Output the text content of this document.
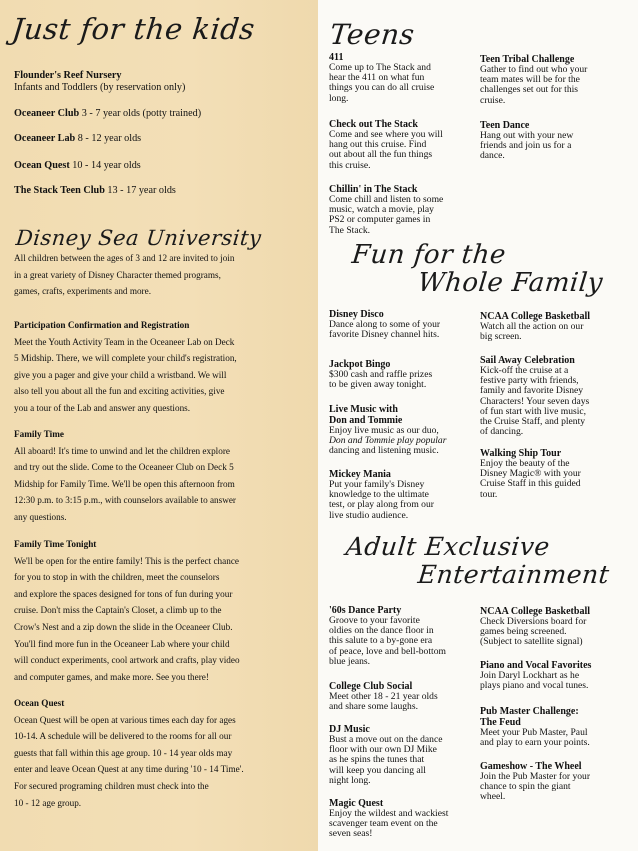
Just for the kids
Flounder's Reef Nursery
Infants and Toddlers (by reservation only)
Oceaneer Club 3 - 7 year olds (potty trained)
Oceaneer Lab 8 - 12 year olds
Ocean Quest 10 - 14 year olds
The Stack Teen Club 13 - 17 year olds
Disney Sea University
All children between the ages of 3 and 12 are invited to join
in a great variety of Disney Character themed programs,
games, crafts, experiments and more.
Participation Confirmation and Registration
Meet the Youth Activity Team in the Oceaneer Lab on Deck
5 Midship. There, we will complete your child's registration,
give you a pager and give your child a wristband. We will
also tell you about all the fun and exciting activities, give
you a tour of the Lab and answer any questions.
Family Time
All aboard! It's time to unwind and let the children explore
and try out the slide. Come to the Oceaneer Club on Deck 5
Midship for Family Time. We'll be open this afternoon from
12:30 p.m. to 3:15 p.m., with counselors available to answer
any questions.
Family Time Tonight
We'll be open for the entire family! This is the perfect chance
for you to stop in with the children, meet the counselors
and explore the spaces designed for tons of fun during your
cruise. Don't miss the Captain's Closet, a climb up to the
Crow's Nest and a zip down the slide in the Oceaneer Club.
You'll find more fun in the Oceaneer Lab where your child
will conduct experiments, cool artwork and crafts, play video
and computer games, and make more. See you there!
Ocean Quest
Ocean Quest will be open at various times each day for ages
10-14. A schedule will be delivered to the rooms for all our
guests that fall within this age group. 10 - 14 year olds may
enter and leave Ocean Quest at any time during '10 - 14 Time'.
For secured programing children must check into the
10 - 12 age group.
Teens
411
Come up to The Stack and
hear the 411 on what fun
things you can do all cruise
long.
Check out The Stack
Come and see where you will
hang out this cruise. Find
out about all the fun things
this cruise.
Chillin' in The Stack
Come chill and listen to some
music, watch a movie, play
PS2 or computer games in
The Stack.
Teen Tribal Challenge
Gather to find out who your
team mates will be for the
challenges set out for this
cruise.
Teen Dance
Hang out with your new
friends and join us for a
dance.
Fun for the
Whole Family
Disney Disco
Dance along to some of your
favorite Disney channel hits.
Jackpot Bingo
$300 cash and raffle prizes
to be given away tonight.
Live Music with
Don and Tommie
Enjoy live music as our duo,
Don and Tommie play popular
dancing and listening music.
Mickey Mania
Put your family's Disney
knowledge to the ultimate
test, or play along from our
live studio audience.
NCAA College Basketball
Watch all the action on our
big screen.
Sail Away Celebration
Kick-off the cruise at a
festive party with friends,
family and favorite Disney
Characters! Your seven days
of fun start with live music,
the Cruise Staff, and plenty
of dancing.
Walking Ship Tour
Enjoy the beauty of the
Disney Magic® with your
Cruise Staff in this guided
tour.
Adult Exclusive
Entertainment
'60s Dance Party
Groove to your favorite
oldies on the dance floor in
this salute to a by-gone era
of peace, love and bell-bottom
blue jeans.
College Club Social
Meet other 18 - 21 year olds
and share some laughs.
DJ Music
Bust a move out on the dance
floor with our own DJ Mike
as he spins the tunes that
will keep you dancing all
night long.
Magic Quest
Enjoy the wildest and wackiest
scavenger team event on the
seven seas!
NCAA College Basketball
Check Diversions board for
games being screened.
(Subject to satellite signal)
Piano and Vocal Favorites
Join Daryl Lockhart as he
plays piano and vocal tunes.
Pub Master Challenge:
The Feud
Meet your Pub Master, Paul
and play to earn your points.
Gameshow - The Wheel
Join the Pub Master for your
chance to spin the giant
wheel.
